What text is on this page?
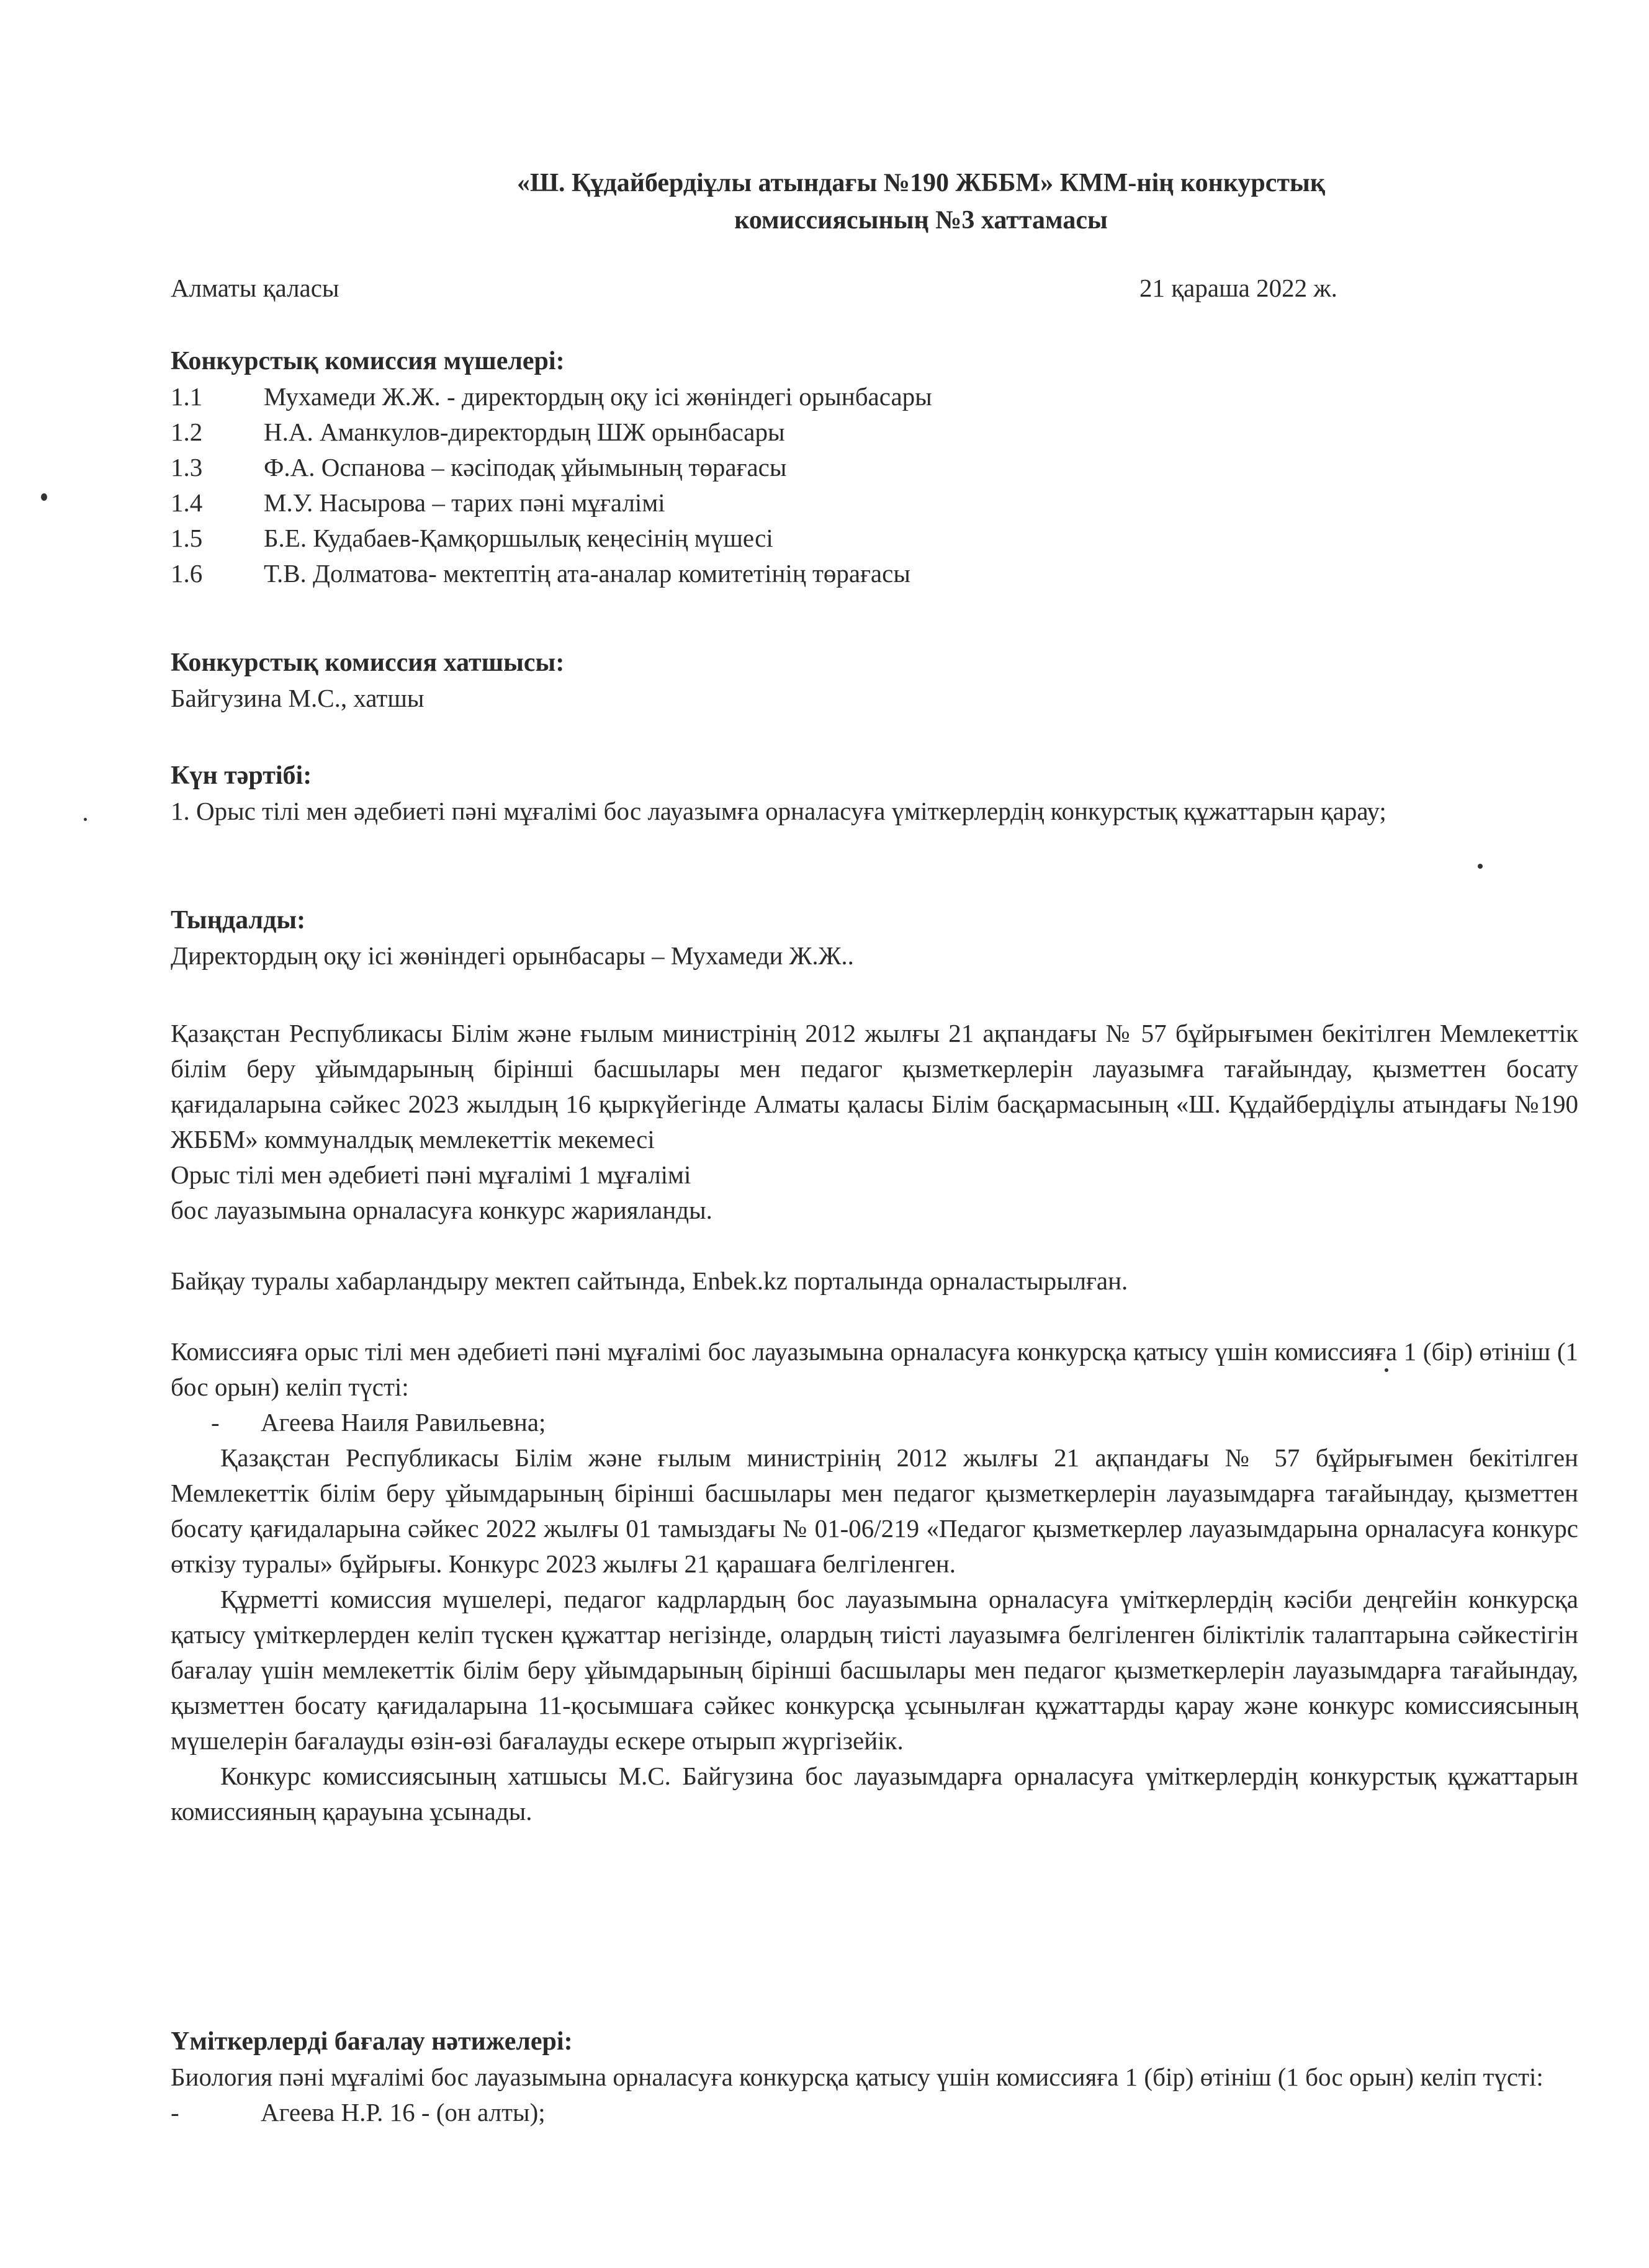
«Ш. Құдайбердіұлы атындағы №190 ЖББМ» КММ-нің конкурстық
комиссиясының №3 хаттамасы
Алматы қаласы	21 қараша 2022 ж.
Конкурстық комиссия мүшелері:
1.1	Мухамеди Ж.Ж. - директордың оқу ісі жөніндегі орынбасары
1.2	Н.А. Аманкулов-директордың ШЖ орынбасары
1.3	Ф.А. Оспанова – кәсіподақ ұйымының төрағасы
1.4	М.У. Насырова – тарих пәні мұғалімі
1.5	Б.Е. Кудабаев-Қамқоршылық кеңесінің мүшесі
1.6	Т.В. Долматова- мектептің ата-аналар комитетінің төрағасы
Конкурстық комиссия хатшысы:
Байгузина М.С., хатшы
Күн тәртібі:
1. Орыс тілі мен әдебиеті пәні мұғалімі бос лауазымға орналасуға үміткерлердің конкурстық құжаттарын қарау;
Тыңдалды:
Директордың оқу ісі жөніндегі орынбасары – Мухамеди Ж.Ж..
Қазақстан Республикасы Білім және ғылым министрінің 2012 жылғы 21 ақпандағы № 57 бұйрығымен бекітілген Мемлекеттік білім беру ұйымдарының бірінші басшылары мен педагог қызметкерлерін лауазымға тағайындау, қызметтен босату қағидаларына сәйкес 2023 жылдың 16 қыркүйегінде Алматы қаласы Білім басқармасының «Ш. Құдайбердіұлы атындағы №190 ЖББМ» коммуналдық мемлекеттік мекемесі
Орыс тілі мен әдебиеті пәні мұғалімі 1 мұғалімі
бос лауазымына орналасуға конкурс жарияланды.
Байқау туралы хабарландыру мектеп сайтында, Enbek.kz порталында орналастырылған.
Комиссияға орыс тілі мен әдебиеті пәні мұғалімі бос лауазымына орналасуға конкурсқа қатысу үшін комиссияға 1 (бір) өтініш (1 бос орын) келіп түсті:
-	Агеева Наиля Равильевна;
Қазақстан Республикасы Білім және ғылым министрінің 2012 жылғы 21 ақпандағы № 57 бұйрығымен бекітілген Мемлекеттік білім беру ұйымдарының бірінші басшылары мен педагог қызметкерлерін лауазымдарға тағайындау, қызметтен босату қағидаларына сәйкес 2022 жылғы 01 тамыздағы № 01-06/219 «Педагог қызметкерлер лауазымдарына орналасуға конкурс өткізу туралы» бұйрығы. Конкурс 2023 жылғы 21 қарашаға белгіленген.
Құрметті комиссия мүшелері, педагог кадрлардың бос лауазымына орналасуға үміткерлердің кәсіби деңгейін конкурсқа қатысу үміткерлерден келіп түскен құжаттар негізінде, олардың тиісті лауазымға белгіленген біліктілік талаптарына сәйкестігін бағалау үшін мемлекеттік білім беру ұйымдарының бірінші басшылары мен педагог қызметкерлерін лауазымдарға тағайындау, қызметтен босату қағидаларына 11-қосымшаға сәйкес конкурсқа ұсынылған құжаттарды қарау және конкурс комиссиясының мүшелерін бағалауды өзін-өзі бағалауды ескере отырып жүргізейік.
Конкурс комиссиясының хатшысы М.С. Байгузина бос лауазымдарға орналасуға үміткерлердің конкурстық құжаттарын комиссияның қарауына ұсынады.
Үміткерлерді бағалау нәтижелері:
Биология пәні мұғалімі бос лауазымына орналасуға конкурсқа қатысу үшін комиссияға 1 (бір) өтініш (1 бос орын) келіп түсті:
-	Агеева Н.Р. 16 - (он алты);
